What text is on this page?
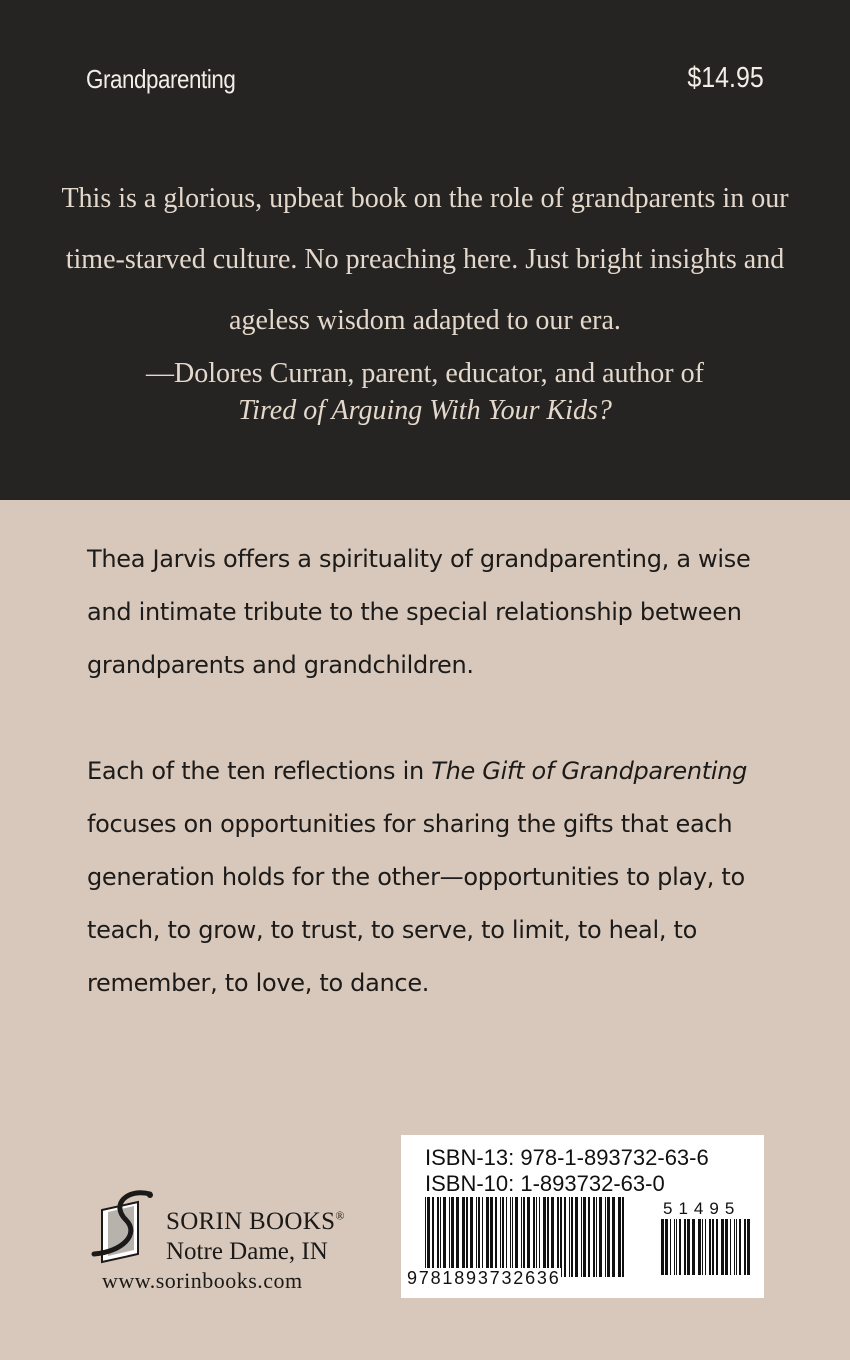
Grandparenting	$14.95

This is a glorious, upbeat book on the role of grandparents in our time-starved culture. No preaching here. Just bright insights and ageless wisdom adapted to our era.

—Dolores Curran, parent, educator, and author of
Tired of Arguing With Your Kids?

Thea Jarvis offers a spirituality of grandparenting, a wise and intimate tribute to the special relationship between grandparents and grandchildren.

Each of the ten reflections in The Gift of Grandparenting focuses on opportunities for sharing the gifts that each generation holds for the other—opportunities to play, to teach, to grow, to trust, to serve, to limit, to heal, to remember, to love, to dance.

SORIN BOOKS®
Notre Dame, IN
www.sorinbooks.com
ISBN-13: 978-1-893732-63-6
ISBN-10: 1-893732-63-0
51495
9781893732636
